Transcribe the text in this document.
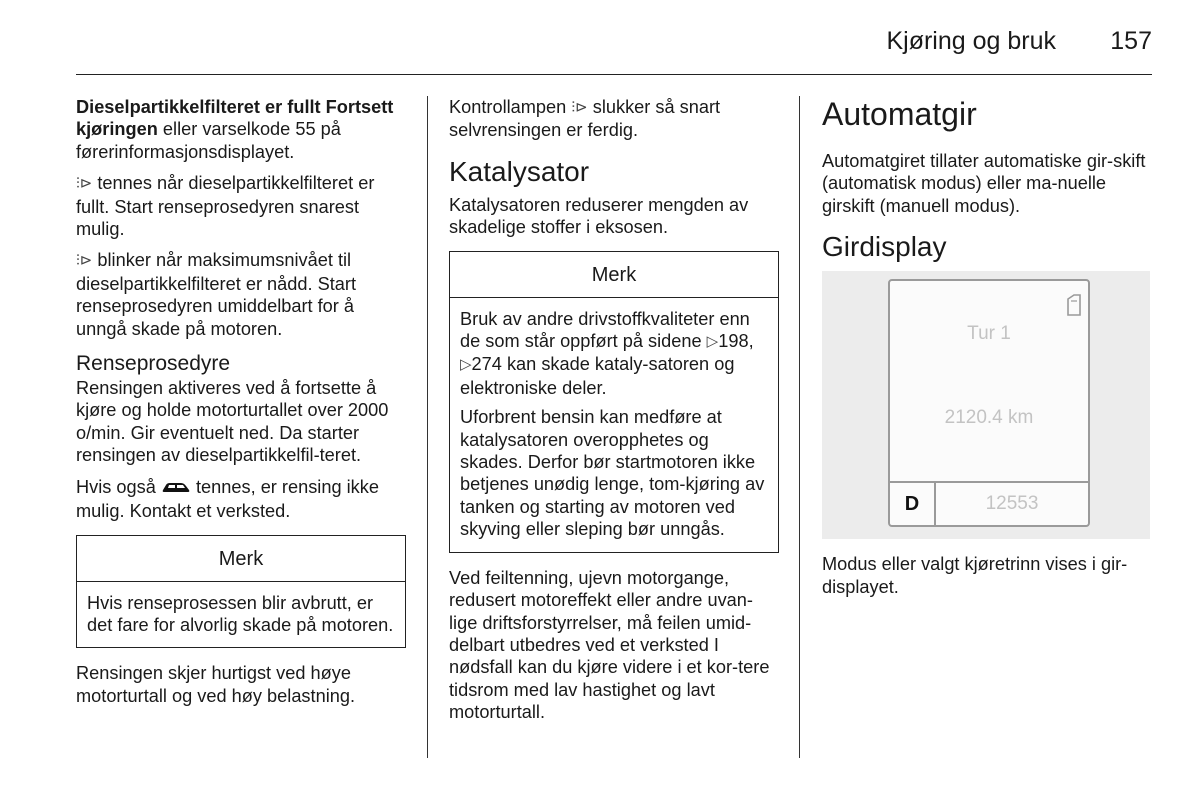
Kjøring og bruk 157

Dieselpartikkelfilteret er fullt Fortsett kjøringen eller varselkode 55 på førerinformasjonsdisplayet.

⫶⊳ tennes når dieselpartikkelfilteret er fullt. Start renseprosedyren snarest mulig.

⫶⊳ blinker når maksimumsnivået til dieselpartikkelfilteret er nådd. Start renseprosedyren umiddelbart for å unngå skade på motoren.

Renseprosedyre

Rensingen aktiveres ved å fortsette å kjøre og holde motorturtallet over 2000 o/min. Gir eventuelt ned. Da starter rensingen av dieselpartikkelfil-teret.

Hvis også  tennes, er rensing ikke mulig. Kontakt et verksted.

Merk

Hvis renseprosessen blir avbrutt, er det fare for alvorlig skade på motoren.

Rensingen skjer hurtigst ved høye motorturtall og ved høy belastning.

Kontrollampen ⫶⊳ slukker så snart selvrensingen er ferdig.

Katalysator

Katalysatoren reduserer mengden av skadelige stoffer i eksosen.

Merk

Bruk av andre drivstoffkvaliteter enn de som står oppført på sidene ▷198, ▷274 kan skade kataly-satoren og elektroniske deler.

Uforbrent bensin kan medføre at katalysatoren overopphetes og skades. Derfor bør startmotoren ikke betjenes unødig lenge, tom-kjøring av tanken og starting av motoren ved skyving eller sleping bør unngås.

Ved feiltenning, ujevn motorgange, redusert motoreffekt eller andre uvan-lige driftsforstyrrelser, må feilen umid-delbart utbedres ved et verksted I nødsfall kan du kjøre videre i et kor-tere tidsrom med lav hastighet og lavt motorturtall.

Automatgir

Automatgiret tillater automatiske gir-skift (automatisk modus) eller ma-nuelle girskift (manuell modus).

Girdisplay
Tur 1
2120.4 km
D	12553

Modus eller valgt kjøretrinn vises i gir-displayet.
